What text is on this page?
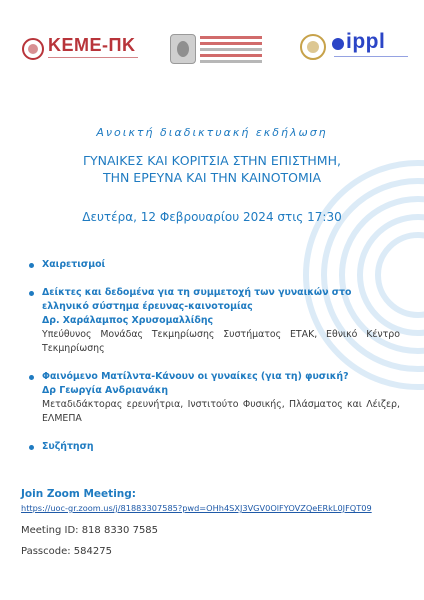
ΚΕΜΕ-ΠΚ	ippl
Ανοικτή διαδικτυακή εκδήλωση
ΓΥΝΑΙΚΕΣ ΚΑΙ ΚΟΡΙΤΣΙΑ ΣΤΗΝ ΕΠΙΣΤΗΜΗ,
ΤΗΝ ΕΡΕΥΝΑ ΚΑΙ ΤΗΝ ΚΑΙΝΟΤΟΜΙΑ
Δευτέρα, 12 Φεβρουαρίου 2024 στις 17:30
Χαιρετισμοί
Δείκτες και δεδομένα για τη συμμετοχή των γυναικών στο ελληνικό σύστημα έρευνας-καινοτομίας
Δρ. Χαράλαμπος Χρυσομαλλίδης
Υπεύθυνος Μονάδας Τεκμηρίωσης Συστήματος ΕΤΑΚ, Εθνικό Κέντρο Τεκμηρίωσης
Φαινόμενο Ματίλντα-Κάνουν οι γυναίκες (για τη) φυσική?
Δρ Γεωργία Ανδριανάκη
Μεταδιδάκτορας ερευνήτρια, Ινστιτούτο Φυσικής, Πλάσματος και Λέιζερ, ΕΛΜΕΠΑ
Συζήτηση
Join Zoom Meeting:
https://uoc-gr.zoom.us/j/81883307585?pwd=OHh4SXJ3VGV0OlFYOVZQeERkL0JFQT09
Meeting ID: 818 8330 7585
Passcode: 584275
